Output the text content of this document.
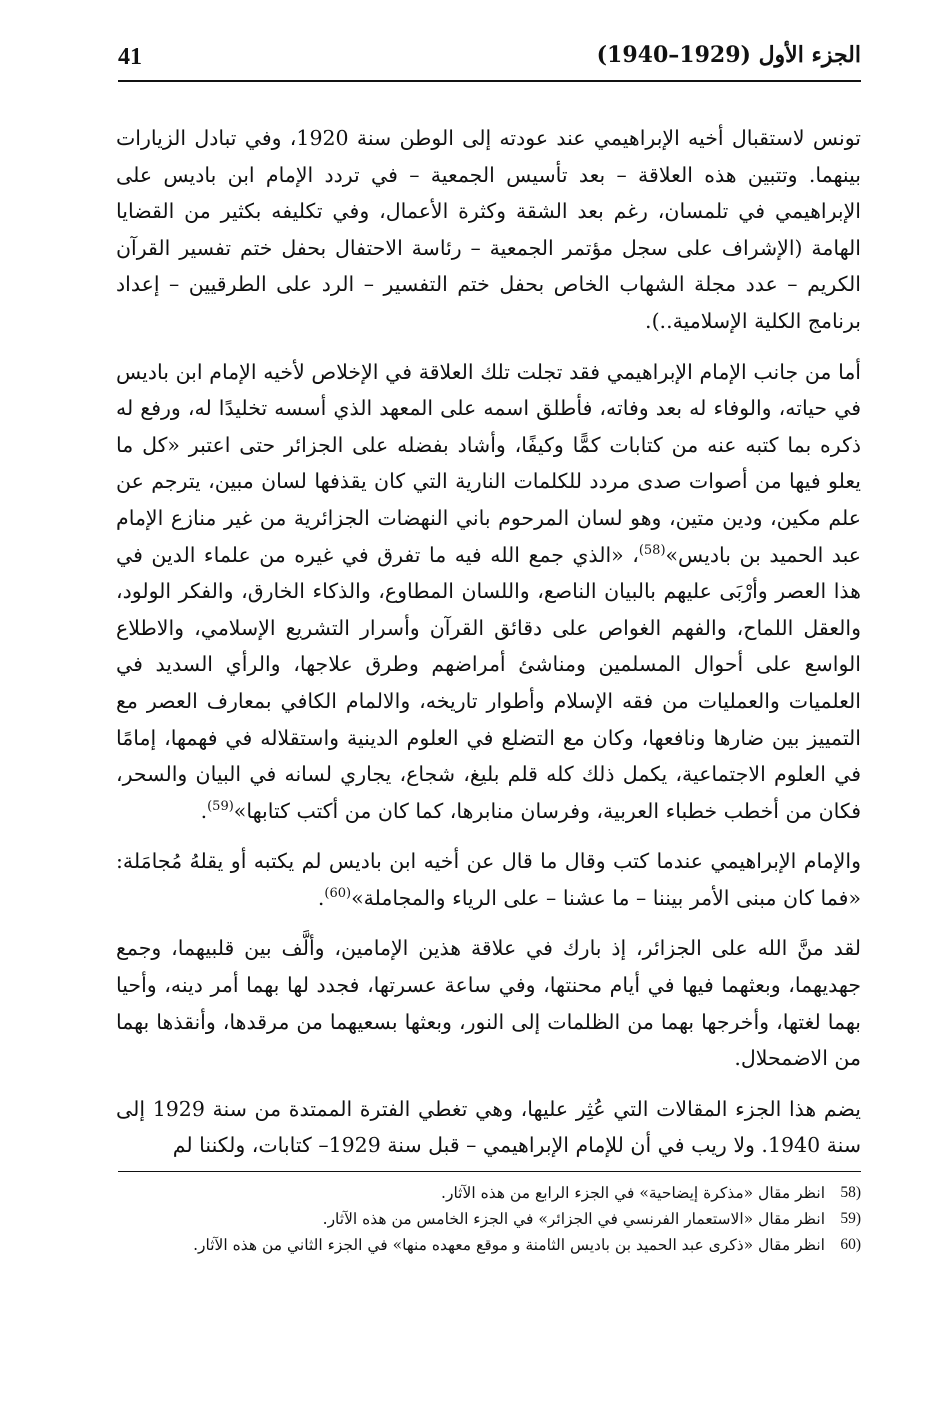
41	الجزء الأول (1929–1940)

تونس لاستقبال أخيه الإبراهيمي عند عودته إلى الوطن سنة 1920، وفي تبادل الزيارات بينهما. وتتبين هذه العلاقة – بعد تأسيس الجمعية – في تردد الإمام ابن باديس على الإبراهيمي في تلمسان، رغم بعد الشقة وكثرة الأعمال، وفي تكليفه بكثير من القضايا الهامة (الإشراف على سجل مؤتمر الجمعية – رئاسة الاحتفال بحفل ختم تفسير القرآن الكريم – عدد مجلة الشهاب الخاص بحفل ختم التفسير – الرد على الطرقيين – إعداد برنامج الكلية الإسلامية..).

أما من جانب الإمام الإبراهيمي فقد تجلت تلك العلاقة في الإخلاص لأخيه الإمام ابن باديس في حياته، والوفاء له بعد وفاته، فأطلق اسمه على المعهد الذي أسسه تخليدًا له، ورفع له ذكره بما كتبه عنه من كتابات كمًّا وكيفًا، وأشاد بفضله على الجزائر حتى اعتبر «كل ما يعلو فيها من أصوات صدى مردد للكلمات النارية التي كان يقذفها لسان مبين، يترجم عن علم مكين، ودين متين، وهو لسان المرحوم باني النهضات الجزائرية من غير منازع الإمام عبد الحميد بن باديس»$^{(58)}$، «الذي جمع الله فيه ما تفرق في غيره من علماء الدين في هذا العصر وأرْبَى عليهم بالبيان الناصع، واللسان المطاوع، والذكاء الخارق، والفكر الولود، والعقل اللماح، والفهم الغواص على دقائق القرآن وأسرار التشريع الإسلامي، والاطلاع الواسع على أحوال المسلمين ومناشئ أمراضهم وطرق علاجها، والرأي السديد في العلميات والعمليات من فقه الإسلام وأطوار تاريخه، والالمام الكافي بمعارف العصر مع التمييز بين ضارها ونافعها، وكان مع التضلع في العلوم الدينية واستقلاله في فهمها، إمامًا في العلوم الاجتماعية، يكمل ذلك كله قلم بليغ، شجاع، يجاري لسانه في البيان والسحر، فكان من أخطب خطباء العربية، وفرسان منابرها، كما كان من أكتب كتابها»$^{(59)}$.

والإمام الإبراهيمي عندما كتب وقال ما قال عن أخيه ابن باديس لم يكتبه أو يقلهُ مُجامَلة: «فما كان مبنى الأمر بيننا – ما عشنا – على الرياء والمجاملة»$^{(60)}$.

لقد منَّ الله على الجزائر، إذ بارك في علاقة هذين الإمامين، وألَّف بين قلبيهما، وجمع جهديهما، وبعثهما فيها في أيام محنتها، وفي ساعة عسرتها، فجدد لها بهما أمر دينه، وأحيا بهما لغتها، وأخرجها بهما من الظلمات إلى النور، وبعثها بسعيهما من مرقدها، وأنقذها بهما من الاضمحلال.

يضم هذا الجزء المقالات التي عُثِر عليها، وهي تغطي الفترة الممتدة من سنة 1929 إلى سنة 1940. ولا ريب في أن للإمام الإبراهيمي – قبل سنة 1929– كتابات، ولكننا لم

58)
انظر مقال «مذكرة إيضاحية» في الجزء الرابع من هذه الآثار.
59)
انظر مقال «الاستعمار الفرنسي في الجزائر» في الجزء الخامس من هذه الآثار.
60)
انظر مقال «ذكرى عبد الحميد بن باديس الثامنة و موقع معهده منها» في الجزء الثاني من هذه الآثار.
